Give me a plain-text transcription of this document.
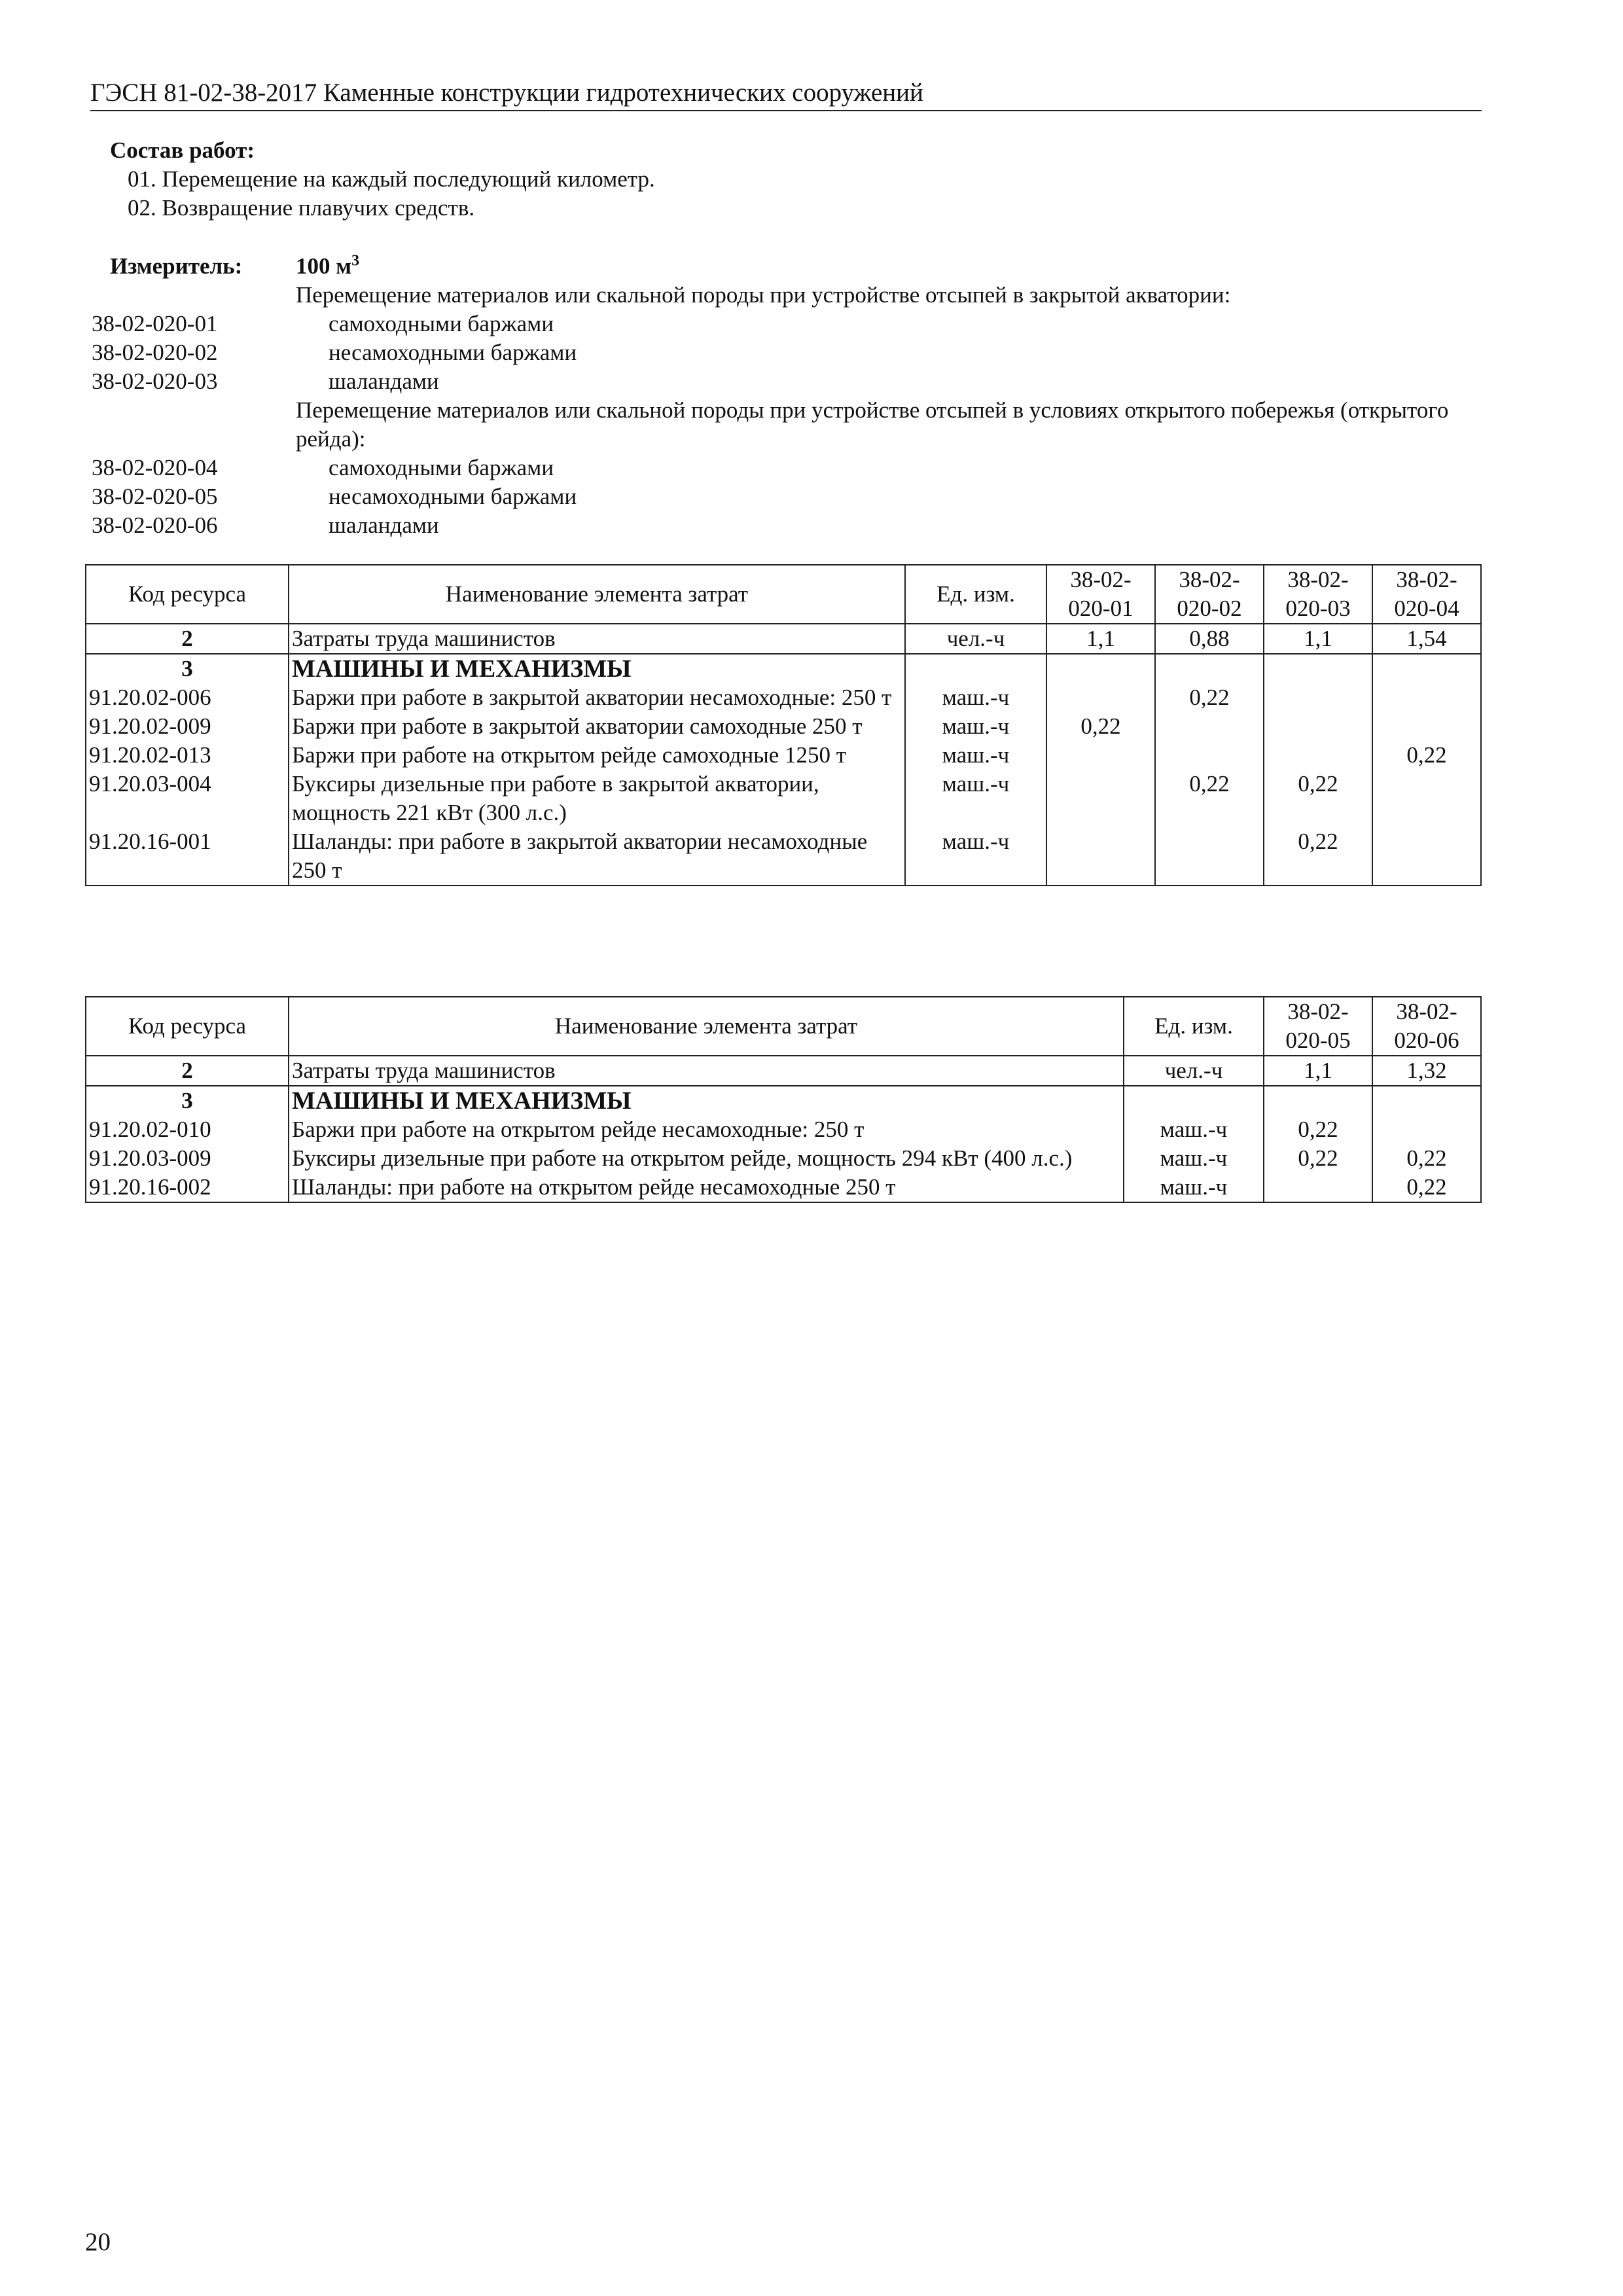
ГЭСН 81-02-38-2017 Каменные конструкции гидротехнических сооружений
Состав работ:
01. Перемещение на каждый последующий километр.
02. Возвращение плавучих средств.
Измеритель: 100 $м^3$
Перемещение материалов или скальной породы при устройстве отсыпей в закрытой акватории:
38-02-020-01	самоходными баржами
38-02-020-02	несамоходными баржами
38-02-020-03	шаландами
Перемещение материалов или скальной породы при устройстве отсыпей в условиях открытого побережья (открытого рейда):
38-02-020-04	самоходными баржами
38-02-020-05	несамоходными баржами
38-02-020-06	шаландами
Код ресурса	Наименование элемента затрат	Ед. изм.	38-02-020-01	38-02-020-02	38-02-020-03	38-02-020-04
2	Затраты труда машинистов	чел.-ч	1,1	0,88	1,1	1,54
3	МАШИНЫ И МЕХАНИЗМЫ					
91.20.02-006	Баржи при работе в закрытой акватории несамоходные: 250 т	маш.-ч		0,22		
91.20.02-009	Баржи при работе в закрытой акватории самоходные 250 т	маш.-ч	0,22			
91.20.02-013	Баржи при работе на открытом рейде самоходные 1250 т	маш.-ч				0,22
91.20.03-004	Буксиры дизельные при работе в закрытой акватории, мощность 221 кВт (300 л.с.)	маш.-ч		0,22	0,22	
91.20.16-001	Шаланды: при работе в закрытой акватории несамоходные 250 т	маш.-ч			0,22	
Код ресурса	Наименование элемента затрат	Ед. изм.	38-02-020-05	38-02-020-06
2	Затраты труда машинистов	чел.-ч	1,1	1,32
3	МАШИНЫ И МЕХАНИЗМЫ			
91.20.02-010	Баржи при работе на открытом рейде несамоходные: 250 т	маш.-ч	0,22	
91.20.03-009	Буксиры дизельные при работе на открытом рейде, мощность 294 кВт (400 л.с.)	маш.-ч	0,22	0,22
91.20.16-002	Шаланды: при работе на открытом рейде несамоходные 250 т	маш.-ч		0,22
20
